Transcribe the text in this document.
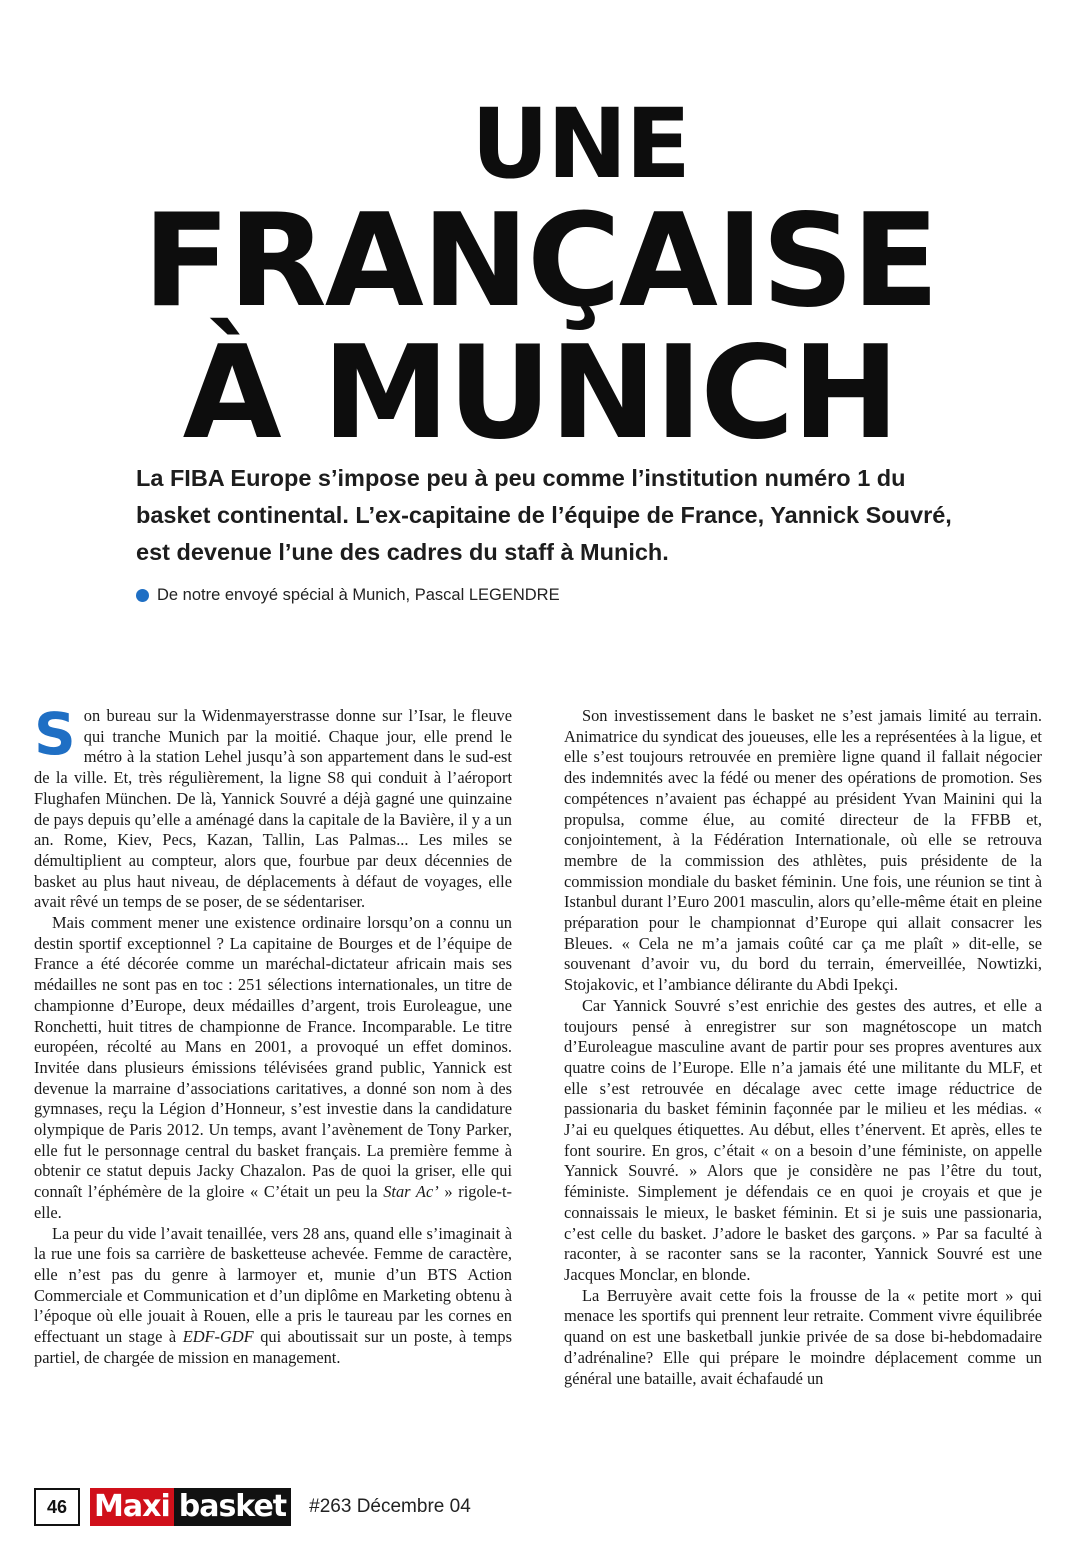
UNE
FRANÇAISE
À MUNICH
La FIBA Europe s’impose peu à peu comme l’institution numéro 1 du basket continental. L’ex-capitaine de l’équipe de France, Yannick Souvré, est devenue l’une des cadres du staff à Munich.
De notre envoyé spécial à Munich, Pascal LEGENDRE

Son bureau sur la Widenmayerstrasse donne sur l’Isar, le fleuve qui tranche Munich par la moitié. Chaque jour, elle prend le métro à la station Lehel jusqu’à son appartement dans le sud-est de la ville. Et, très régulièrement, la ligne S8 qui conduit à l’aéroport Flughafen München. De là, Yannick Souvré a déjà gagné une quinzaine de pays depuis qu’elle a aménagé dans la capitale de la Bavière, il y a un an. Rome, Kiev, Pecs, Kazan, Tallin, Las Palmas... Les miles se démultiplient au compteur, alors que, fourbue par deux décennies de basket au plus haut niveau, de déplacements à défaut de voyages, elle avait rêvé un temps de se poser, de se sédentariser.

Mais comment mener une existence ordinaire lorsqu’on a connu un destin sportif exceptionnel ? La capitaine de Bourges et de l’équipe de France a été décorée comme un maréchal-dictateur africain mais ses médailles ne sont pas en toc : 251 sélections internationales, un titre de championne d’Europe, deux médailles d’argent, trois Euroleague, une Ronchetti, huit titres de championne de France. Incomparable. Le titre européen, récolté au Mans en 2001, a provoqué un effet dominos. Invitée dans plusieurs émissions télévisées grand public, Yannick est devenue la marraine d’associations caritatives, a donné son nom à des gymnases, reçu la Légion d’Honneur, s’est investie dans la candidature olympique de Paris 2012. Un temps, avant l’avènement de Tony Parker, elle fut le personnage central du basket français. La première femme à obtenir ce statut depuis Jacky Chazalon. Pas de quoi la griser, elle qui connaît l’éphémère de la gloire « C’était un peu la Star Ac’ » rigole-t-elle.

La peur du vide l’avait tenaillée, vers 28 ans, quand elle s’imaginait à la rue une fois sa carrière de basketteuse achevée. Femme de caractère, elle n’est pas du genre à larmoyer et, munie d’un BTS Action Commerciale et Communication et d’un diplôme en Marketing obtenu à l’époque où elle jouait à Rouen, elle a pris le taureau par les cornes en effectuant un stage à EDF-GDF qui aboutissait sur un poste, à temps partiel, de chargée de mission en management.

Son investissement dans le basket ne s’est jamais limité au terrain. Animatrice du syndicat des joueuses, elle les a représentées à la ligue, et elle s’est toujours retrouvée en première ligne quand il fallait négocier des indemnités avec la fédé ou mener des opérations de promotion. Ses compétences n’avaient pas échappé au président Yvan Mainini qui la propulsa, comme élue, au comité directeur de la FFBB et, conjointement, à la Fédération Internationale, où elle se retrouva membre de la commission des athlètes, puis présidente de la commission mondiale du basket féminin. Une fois, une réunion se tint à Istanbul durant l’Euro 2001 masculin, alors qu’elle-même était en pleine préparation pour le championnat d’Europe qui allait consacrer les Bleues. « Cela ne m’a jamais coûté car ça me plaît » dit-elle, se souvenant d’avoir vu, du bord du terrain, émerveillée, Nowtizki, Stojakovic, et l’ambiance délirante du Abdi Ipekçi.

Car Yannick Souvré s’est enrichie des gestes des autres, et elle a toujours pensé à enregistrer sur son magnétoscope un match d’Euroleague masculine avant de partir pour ses propres aventures aux quatre coins de l’Europe. Elle n’a jamais été une militante du MLF, et elle s’est retrouvée en décalage avec cette image réductrice de passionaria du basket féminin façonnée par le milieu et les médias. « J’ai eu quelques étiquettes. Au début, elles t’énervent. Et après, elles te font sourire. En gros, c’était « on a besoin d’une féministe, on appelle Yannick Souvré. » Alors que je considère ne pas l’être du tout, féministe. Simplement je défendais ce en quoi je croyais et que je connaissais le mieux, le basket féminin. Et si je suis une passionaria, c’est celle du basket. J’adore le basket des garçons. » Par sa faculté à raconter, à se raconter sans se la raconter, Yannick Souvré est une Jacques Monclar, en blonde.

La Berruyère avait cette fois la frousse de la « petite mort » qui menace les sportifs qui prennent leur retraite. Comment vivre équilibrée quand on est une basketball junkie privée de sa dose bi-hebdomadaire d’adrénaline? Elle qui prépare le moindre déplacement comme un général une bataille, avait échafaudé un

46 Maxi basket #263 Décembre 04
